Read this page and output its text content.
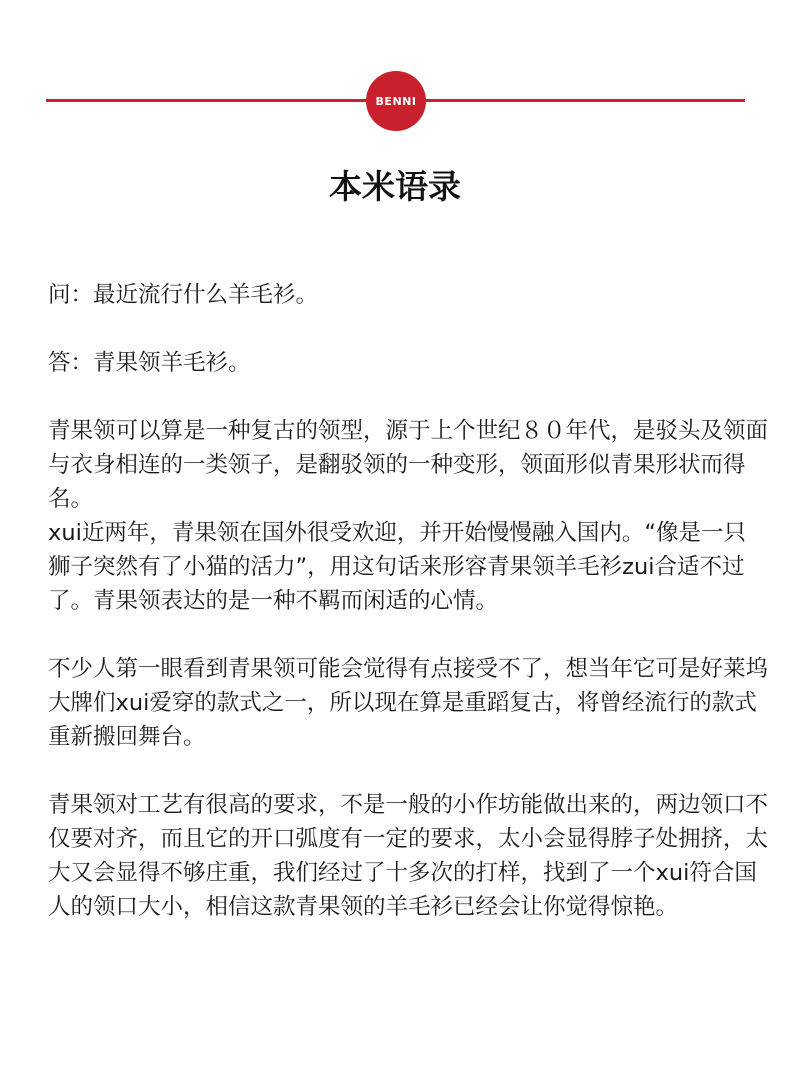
BENNI
本米语录

问：最近流行什么羊毛衫。

答：青果领羊毛衫。

青果领可以算是一种复古的领型，源于上个世纪８０年代，是驳头及领面与衣身相连的一类领子，是翻驳领的一种变形，领面形似青果形状而得名。

xui近两年，青果领在国外很受欢迎，并开始慢慢融入国内。“像是一只狮子突然有了小猫的活力”，用这句话来形容青果领羊毛衫zui合适不过了。青果领表达的是一种不羁而闲适的心情。

不少人第一眼看到青果领可能会觉得有点接受不了，想当年它可是好莱坞大牌们xui爱穿的款式之一，所以现在算是重蹈复古，将曾经流行的款式重新搬回舞台。

青果领对工艺有很高的要求，不是一般的小作坊能做出来的，两边领口不仅要对齐，而且它的开口弧度有一定的要求，太小会显得脖子处拥挤，太大又会显得不够庄重，我们经过了十多次的打样，找到了一个xui符合国人的领口大小，相信这款青果领的羊毛衫已经会让你觉得惊艳。
